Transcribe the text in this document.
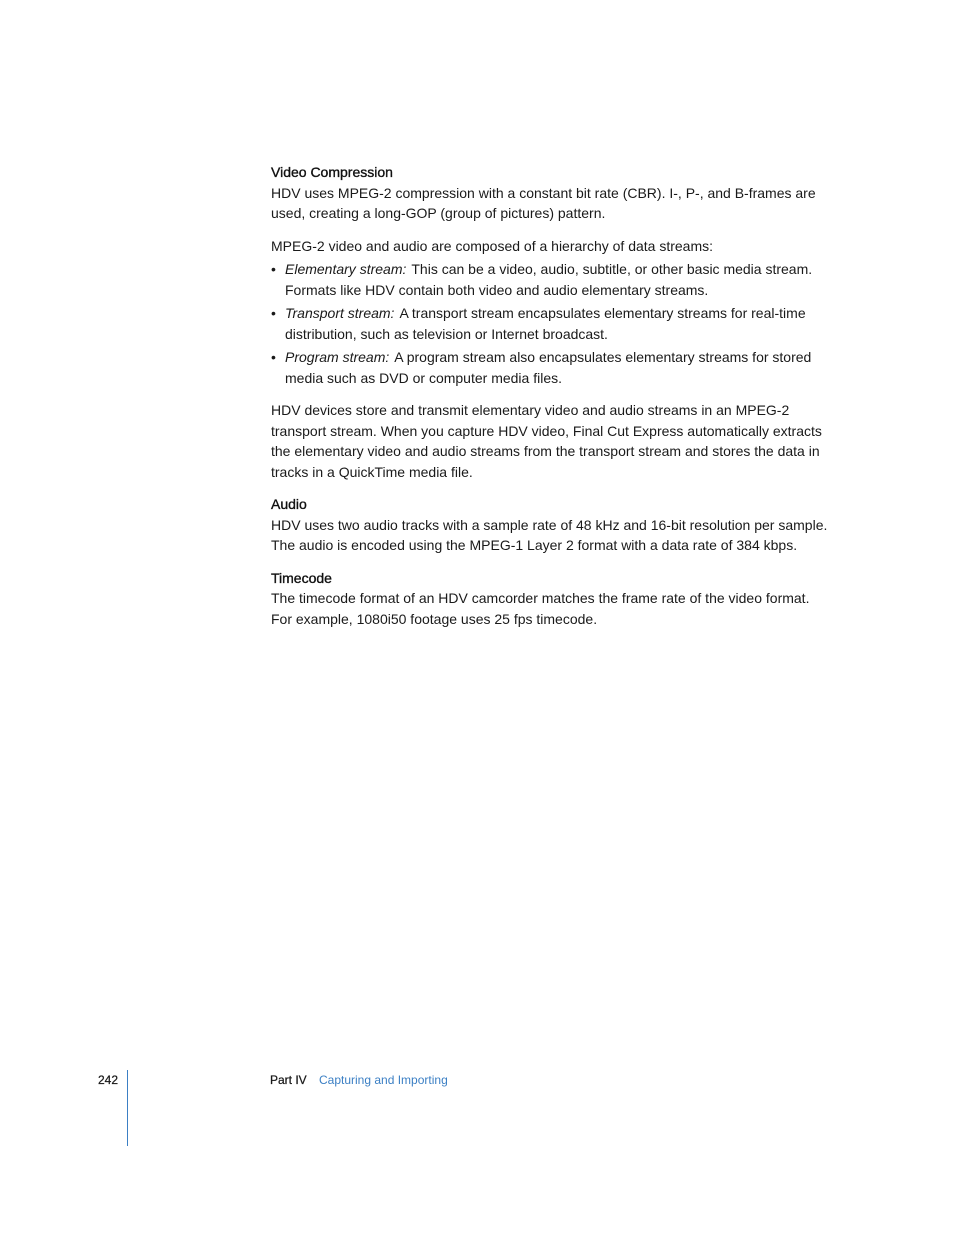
Video Compression

HDV uses MPEG-2 compression with a constant bit rate (CBR). I-, P-, and B-frames are used, creating a long-GOP (group of pictures) pattern.

MPEG-2 video and audio are composed of a hierarchy of data streams:

• Elementary stream: This can be a video, audio, subtitle, or other basic media stream. Formats like HDV contain both video and audio elementary streams.
• Transport stream: A transport stream encapsulates elementary streams for real-time distribution, such as television or Internet broadcast.
• Program stream: A program stream also encapsulates elementary streams for stored media such as DVD or computer media files.

HDV devices store and transmit elementary video and audio streams in an MPEG-2 transport stream. When you capture HDV video, Final Cut Express automatically extracts the elementary video and audio streams from the transport stream and stores the data in tracks in a QuickTime media file.

Audio

HDV uses two audio tracks with a sample rate of 48 kHz and 16-bit resolution per sample. The audio is encoded using the MPEG-1 Layer 2 format with a data rate of 384 kbps.

Timecode

The timecode format of an HDV camcorder matches the frame rate of the video format. For example, 1080i50 footage uses 25 fps timecode.

242	Part IV Capturing and Importing
